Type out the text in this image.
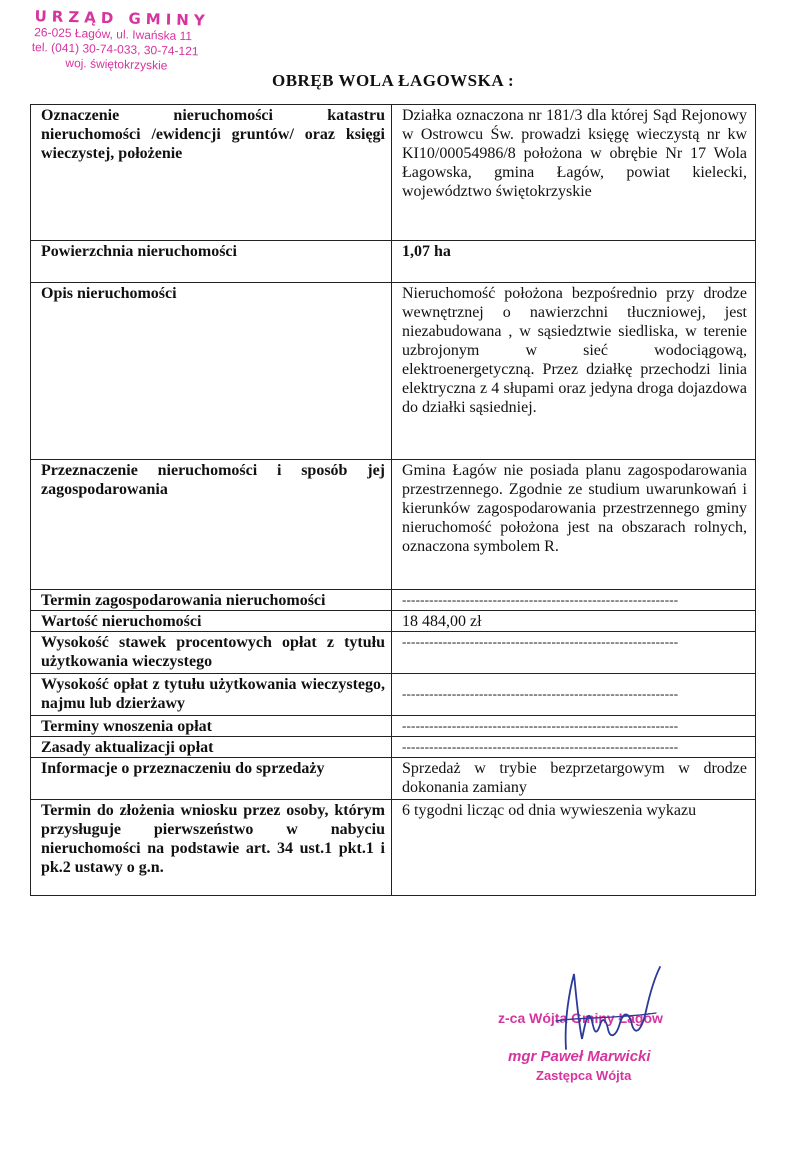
URZĄD GMINY
26-025 Łagów, ul. Iwańska 11
tel. (041) 30-74-033, 30-74-121
woj. świętokrzyskie
OBRĘB WOLA ŁAGOWSKA :
Oznaczenie nieruchomości katastru nieruchomości /ewidencji gruntów/ oraz księgi wieczystej, położenie	Działka oznaczona nr 181/3 dla której Sąd Rejonowy w Ostrowcu Św. prowadzi księgę wieczystą nr kw KI10/00054986/8 położona w obrębie Nr 17 Wola Łagowska, gmina Łagów, powiat kielecki, województwo świętokrzyskie
Powierzchnia nieruchomości	1,07 ha
Opis nieruchomości	Nieruchomość położona bezpośrednio przy drodze wewnętrznej o nawierzchni tłuczniowej, jest niezabudowana , w sąsiedztwie siedliska, w terenie uzbrojonym w sieć wodociągową, elektroenergetyczną. Przez działkę przechodzi linia elektryczna z 4 słupami oraz jedyna droga dojazdowa do działki sąsiedniej.
Przeznaczenie nieruchomości i sposób jej zagospodarowania	Gmina Łagów nie posiada planu zagospodarowania przestrzennego. Zgodnie ze studium uwarunkowań i kierunków zagospodarowania przestrzennego gminy nieruchomość położona jest na obszarach rolnych, oznaczona symbolem R.
Termin zagospodarowania nieruchomości	-------------------------------------------------------------

Wartość nieruchomości	18 484,00 zł
Wysokość stawek procentowych opłat z tytułu użytkowania wieczystego	-------------------------------------------------------------

Wysokość opłat z tytułu użytkowania wieczystego, najmu lub dzierżawy	-------------------------------------------------------------

Terminy wnoszenia opłat	-------------------------------------------------------------

Zasady aktualizacji opłat	-------------------------------------------------------------

Informacje o przeznaczeniu do sprzedaży	Sprzedaż w trybie bezprzetargowym w drodze dokonania zamiany
Termin do złożenia wniosku przez osoby, którym przysługuje pierwszeństwo w nabyciu nieruchomości na podstawie art. 34 ust.1 pkt.1 i pk.2 ustawy o g.n.	6 tygodni licząc od dnia wywieszenia wykazu
z-ca Wójta Gminy Łagów
mgr Paweł Marwicki
Zastępca Wójta
